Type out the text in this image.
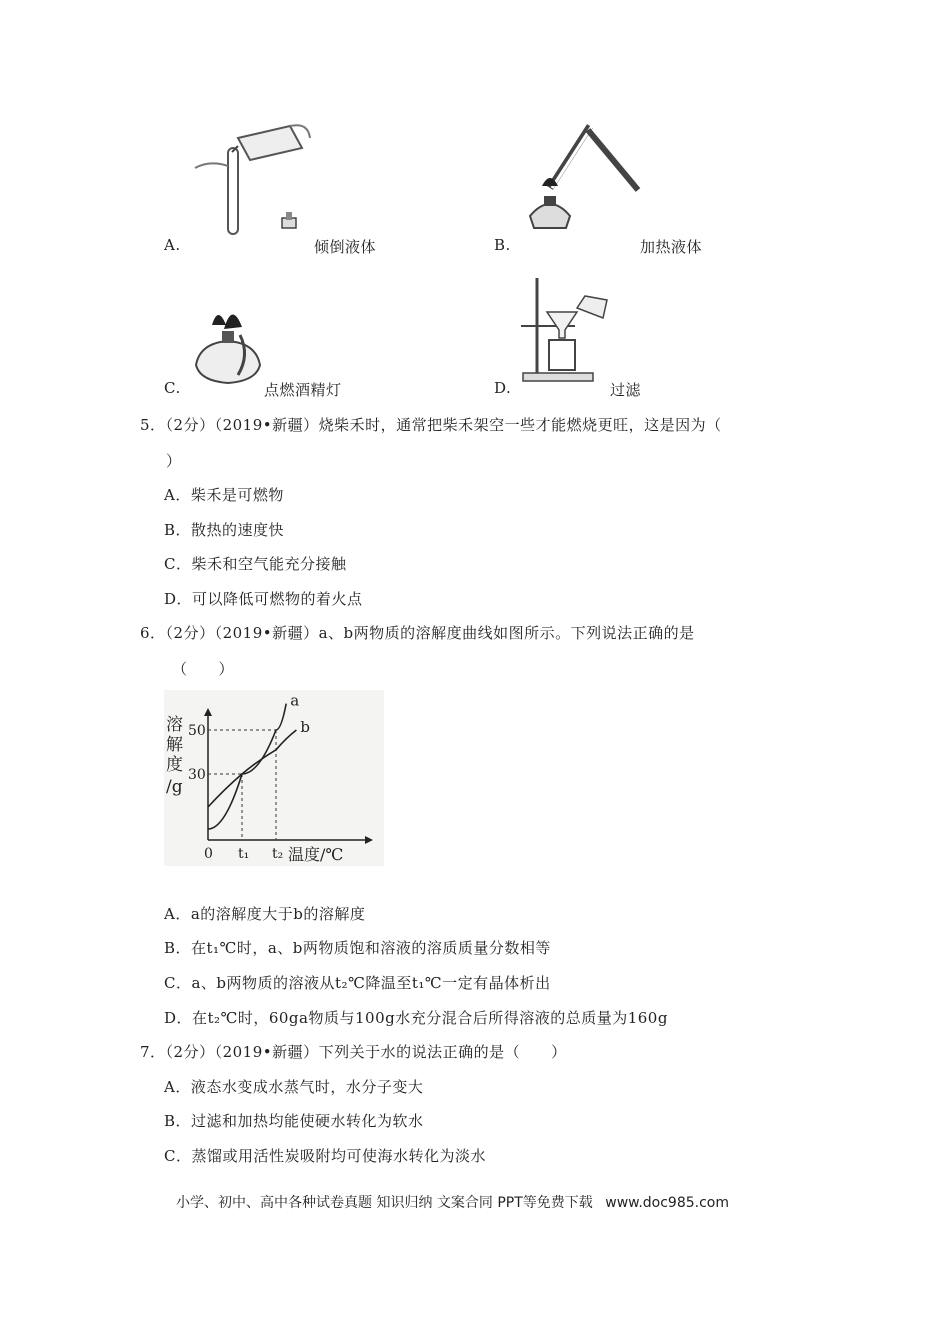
A.	倾倒液体	B.	加热液体
C.	点燃酒精灯	D.	过滤
5．（2分）（2019•新疆）烧柴禾时，通常把柴禾架空一些才能燃烧更旺，这是因为（
）
A．柴禾是可燃物
B．散热的速度快
C．柴禾和空气能充分接触
D．可以降低可燃物的着火点
6．（2分）（2019•新疆）a、b两物质的溶解度曲线如图所示。下列说法正确的是
（　　）
溶
解
度
/g
30
50
0 t₁ t₂ 温度/℃
a
b
A．a的溶解度大于b的溶解度
B．在t₁℃时，a、b两物质饱和溶液的溶质质量分数相等
C．a、b两物质的溶液从t₂℃降温至t₁℃一定有晶体析出
D．在t₂℃时，60ga物质与100g水充分混合后所得溶液的总质量为160g
7．（2分）（2019•新疆）下列关于水的说法正确的是（　　）
A．液态水变成水蒸气时，水分子变大
B．过滤和加热均能使硬水转化为软水
C．蒸馏或用活性炭吸附均可使海水转化为淡水
小学、初中、高中各种试卷真题 知识归纳 文案合同 PPT等免费下载 www.doc985.com
